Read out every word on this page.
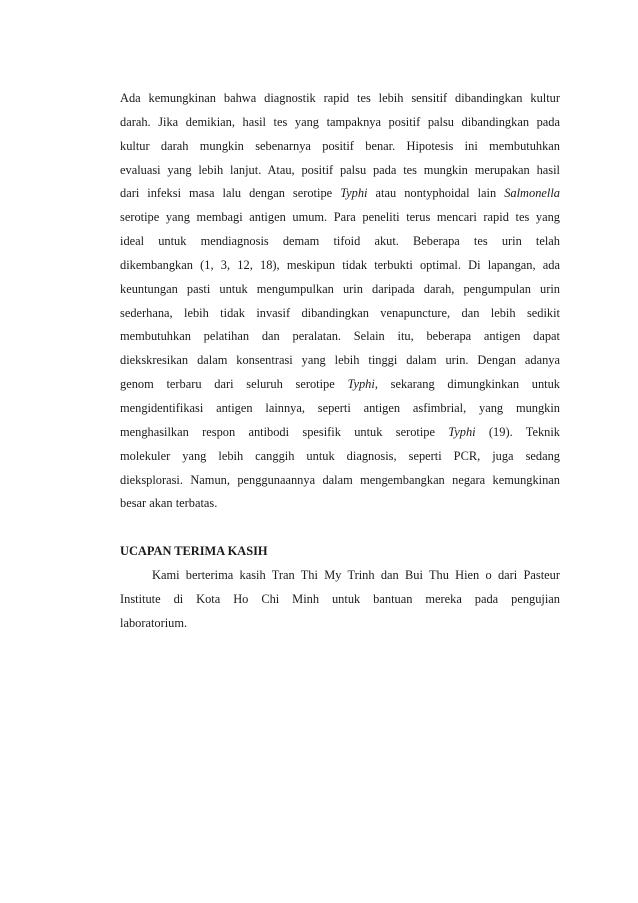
Ada kemungkinan bahwa diagnostik rapid tes lebih sensitif dibandingkan kultur
darah. Jika demikian, hasil tes yang tampaknya positif palsu dibandingkan pada
kultur darah mungkin sebenarnya positif benar. Hipotesis ini membutuhkan
evaluasi yang lebih lanjut. Atau, positif palsu pada tes mungkin merupakan hasil
dari infeksi masa lalu dengan serotipe Typhi atau nontyphoidal lain Salmonella
serotipe yang membagi antigen umum. Para peneliti terus mencari rapid tes yang
ideal untuk mendiagnosis demam tifoid akut. Beberapa tes urin telah
dikembangkan (1, 3, 12, 18), meskipun tidak terbukti optimal. Di lapangan, ada
keuntungan pasti untuk mengumpulkan urin daripada darah, pengumpulan urin
sederhana, lebih tidak invasif dibandingkan venapuncture, dan lebih sedikit
membutuhkan pelatihan dan peralatan. Selain itu, beberapa antigen dapat
diekskresikan dalam konsentrasi yang lebih tinggi dalam urin. Dengan adanya
genom terbaru dari seluruh serotipe Typhi, sekarang dimungkinkan untuk
mengidentifikasi antigen lainnya, seperti antigen asfimbrial, yang mungkin
menghasilkan respon antibodi spesifik untuk serotipe Typhi (19). Teknik
molekuler yang lebih canggih untuk diagnosis, seperti PCR, juga sedang
dieksplorasi. Namun, penggunaannya dalam mengembangkan negara kemungkinan
besar akan terbatas.
UCAPAN TERIMA KASIH
Kami berterima kasih Tran Thi My Trinh dan Bui Thu Hien o dari Pasteur
Institute di Kota Ho Chi Minh untuk bantuan mereka pada pengujian
laboratorium.
